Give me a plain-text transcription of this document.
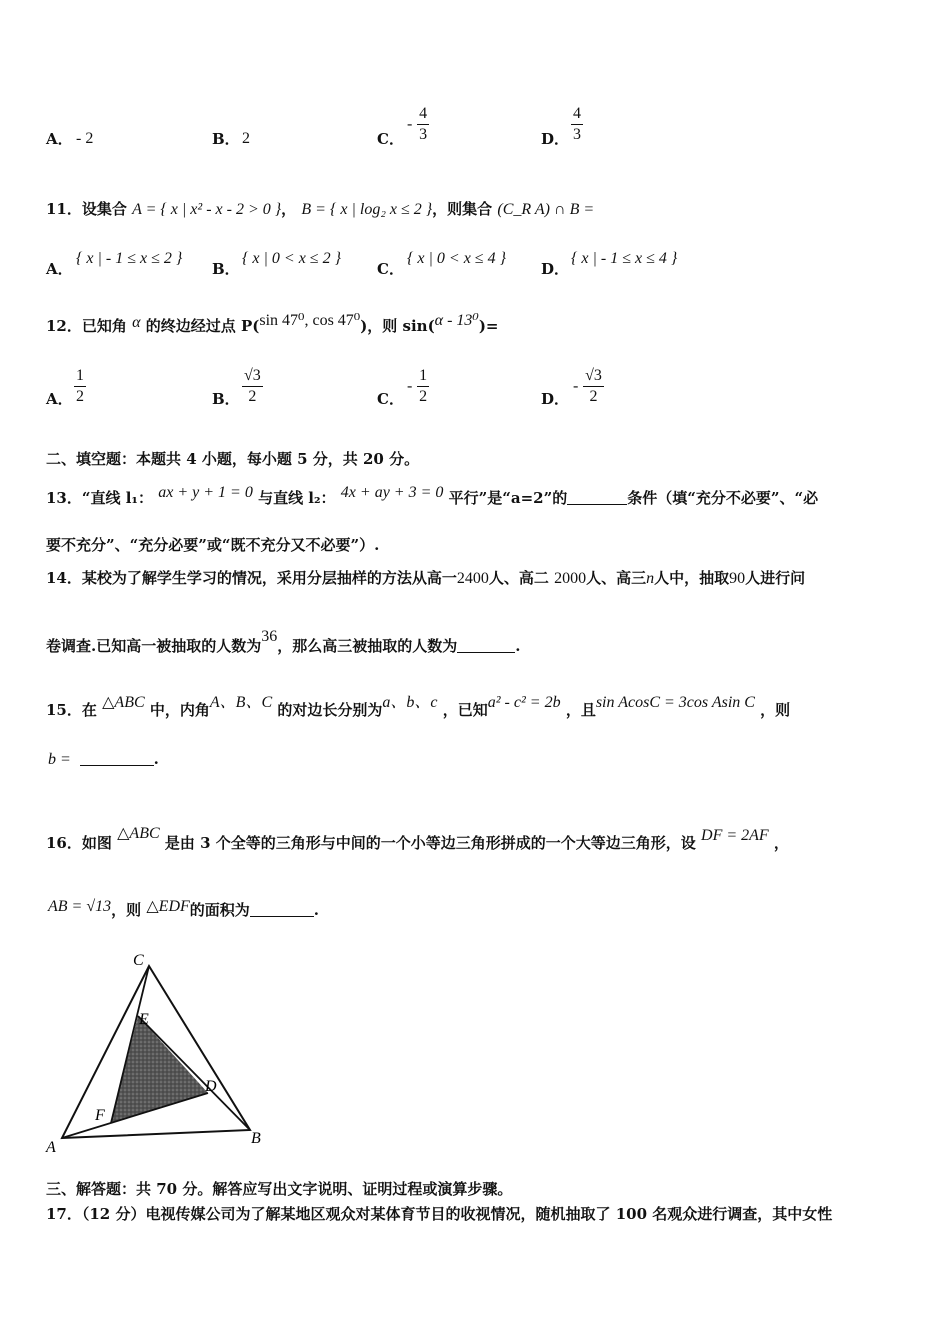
A． - 2	B． 2	C．
- $\frac{4}{3}$	D． $\frac{4}{3}$
11．设集合 A = { x | x² - x - 2 > 0 }， B = { x | log₂ x ≤ 2 }，则集合 (C_R A) ∩ B =
A．
{ x | - 1 ≤ x ≤ 2 }
B．
{ x | 0 < x ≤ 2 }
C．
{ x | 0 < x ≤ 4 }
D．
{ x | - 1 ≤ x ≤ 4 }
12．已知角 α 的终边经过点 P(sin 47⁰, cos 47⁰)，则 sin(α - 13⁰)=
A． $\frac{1}{2}$	B． $\frac{√3}{2}$	C．
- $\frac{1}{2}$	D．
- $\frac{√3}{2}$
二、填空题：本题共 4 小题，每小题 5 分，共 20 分。
13．“直线 l₁： ax + y + 1 = 0 与直线 l₂： 4x + ay + 3 = 0 平行”是“a=2”的	条件（填“充分不必要”、“必
要不充分”、“充分必要”或“既不充分又不必要”）.
14．某校为了解学生学习的情况，采用分层抽样的方法从高一2400人、高二 2000人、高三n人中，抽取90人进行问
卷调查.已知高一被抽取的人数为36，那么高三被抽取的人数为	.
15．在 △ABC 中，内角A、B、C 的对边长分别为a、b、c ，已知a² - c² = 2b ，且sin AcosC = 3cos Asin C ，则
b =	.
16．如图 △ABC 是由 3 个全等的三角形与中间的一个小等边三角形拼成的一个大等边三角形，设 DF = 2AF ，
AB = √13，则 △EDF的面积为	.
A
B
C
D
E
F
三、解答题：共 70 分。解答应写出文字说明、证明过程或演算步骤。
17．（12 分）电视传媒公司为了解某地区观众对某体育节目的收视情况，随机抽取了 100 名观众进行调查，其中女性
